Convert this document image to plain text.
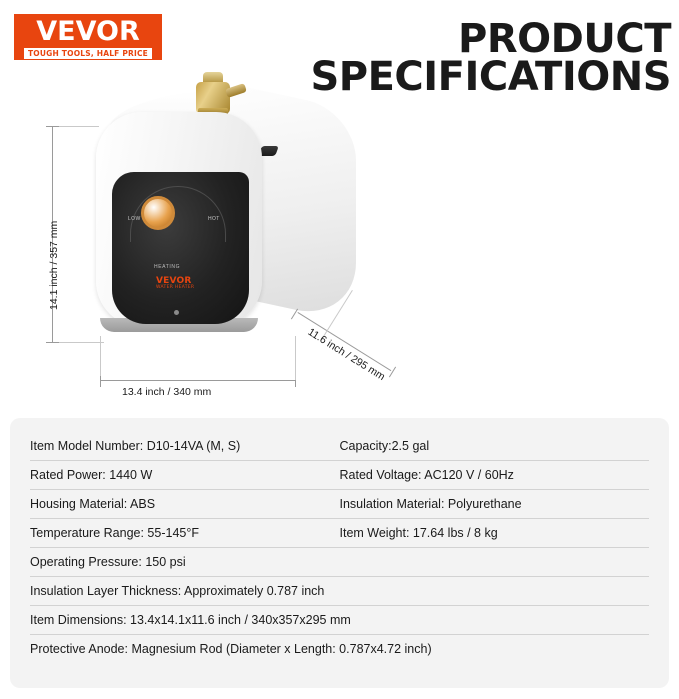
VEVOR
TOUGH TOOLS, HALF PRICE	PRODUCT
SPECIFICATIONS
LOW	HOT
HEATING
VEVOR
WATER HEATER
14.1 inch / 357 mm
13.4 inch / 340 mm
11.6 inch / 295 mm
Item Model Number: D10-14VA (M, S)	Capacity:2.5 gal
Rated Power: 1440 W	Rated Voltage: AC120 V / 60Hz
Housing Material: ABS	Insulation Material: Polyurethane
Temperature Range: 55-145°F	Item Weight: 17.64 lbs / 8 kg
Operating Pressure: 150 psi
Insulation Layer Thickness: Approximately 0.787 inch
Item Dimensions: 13.4x14.1x11.6 inch / 340x357x295 mm
Protective Anode: Magnesium Rod (Diameter x Length: 0.787x4.72 inch)
